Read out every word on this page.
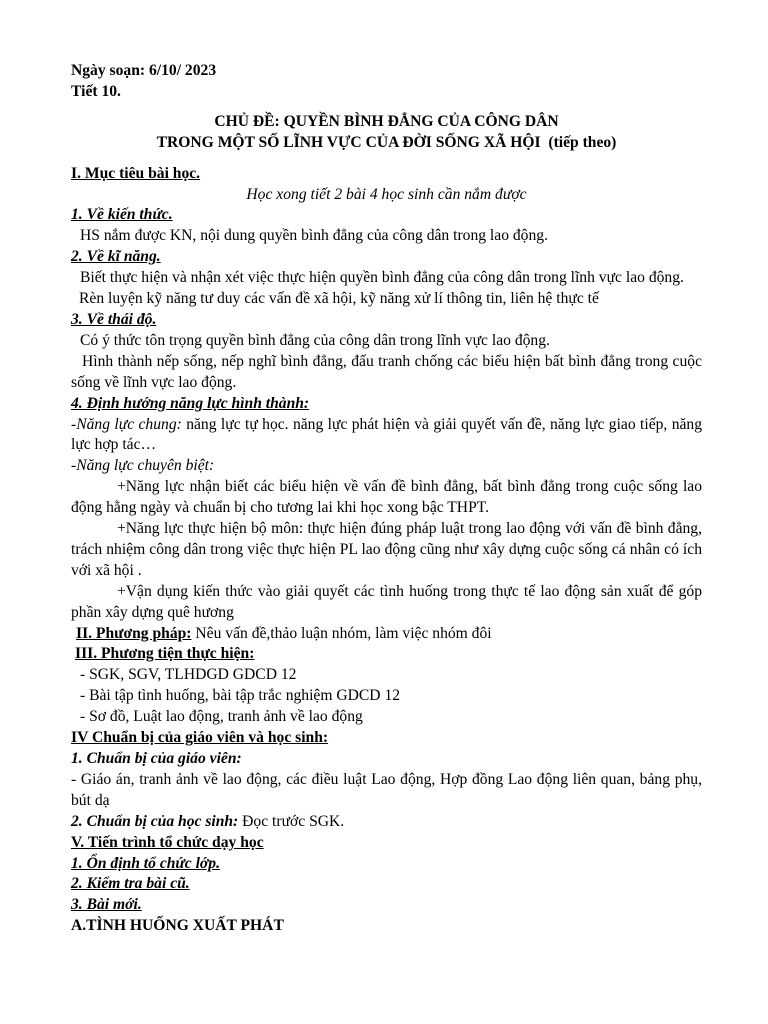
Ngày soạn: 6/10/ 2023
Tiết 10.
CHỦ ĐỀ: QUYỀN BÌNH ĐẲNG CỦA CÔNG DÂN
TRONG MỘT SỐ LĨNH VỰC CỦA ĐỜI SỐNG XÃ HỘI (tiếp theo)
I. Mục tiêu bài học.
Học xong tiết 2 bài 4 học sinh cần nắm được
1. Về kiến thức.
HS nắm được KN, nội dung quyền bình đẳng của công dân trong lao động.
2. Về kĩ năng.
Biết thực hiện và nhận xét việc thực hiện quyền bình đẳng của công dân trong lĩnh vực lao động.
Rèn luyện kỹ năng tư duy các vấn đề xã hội, kỹ năng xử lí thông tin, liên hệ thực tế
3. Về thái độ.
Có ý thức tôn trọng quyền bình đẳng của công dân trong lĩnh vực lao động.
Hình thành nếp sống, nếp nghĩ bình đẳng, đấu tranh chống các biểu hiện bất bình đẳng trong cuộc sống về lĩnh vực lao động.
4. Định hướng năng lực hình thành:
-Năng lực chung: năng lực tự học. năng lực phát hiện và giải quyết vấn đề, năng lực giao tiếp, năng lực hợp tác…
-Năng lực chuyên biệt:
+Năng lực nhận biết các biểu hiện về vấn đề bình đẳng, bất bình đẳng trong cuộc sống lao động hằng ngày và chuẩn bị cho tương lai khi học xong bậc THPT.
+Năng lực thực hiện bộ môn: thực hiện đúng pháp luật trong lao động với vấn đề bình đẳng, trách nhiệm công dân trong việc thực hiện PL lao động cũng như xây dựng cuộc sống cá nhân có ích với xã hội .
+Vận dụng kiến thức vào giải quyết các tình huống trong thực tế lao động sản xuất để góp phần xây dựng quê hương
II. Phương pháp: Nêu vấn đề,thảo luận nhóm, làm việc nhóm đôi
III. Phương tiện thực hiện:
- SGK, SGV, TLHDGD GDCD 12
- Bài tập tình huống, bài tập trắc nghiệm GDCD 12
- Sơ đồ, Luật lao động, tranh ảnh về lao động
IV Chuẩn bị của giáo viên và học sinh:
1. Chuẩn bị của giáo viên:
- Giáo án, tranh ảnh về lao động, các điều luật Lao động, Hợp đồng Lao động liên quan, bảng phụ, bút dạ
2. Chuẩn bị của học sinh: Đọc trước SGK.
V. Tiến trình tổ chức dạy học
1. Ổn định tổ chức lớp.
2. Kiểm tra bài cũ.
3. Bài mới.
A.TÌNH HUỐNG XUẤT PHÁT
